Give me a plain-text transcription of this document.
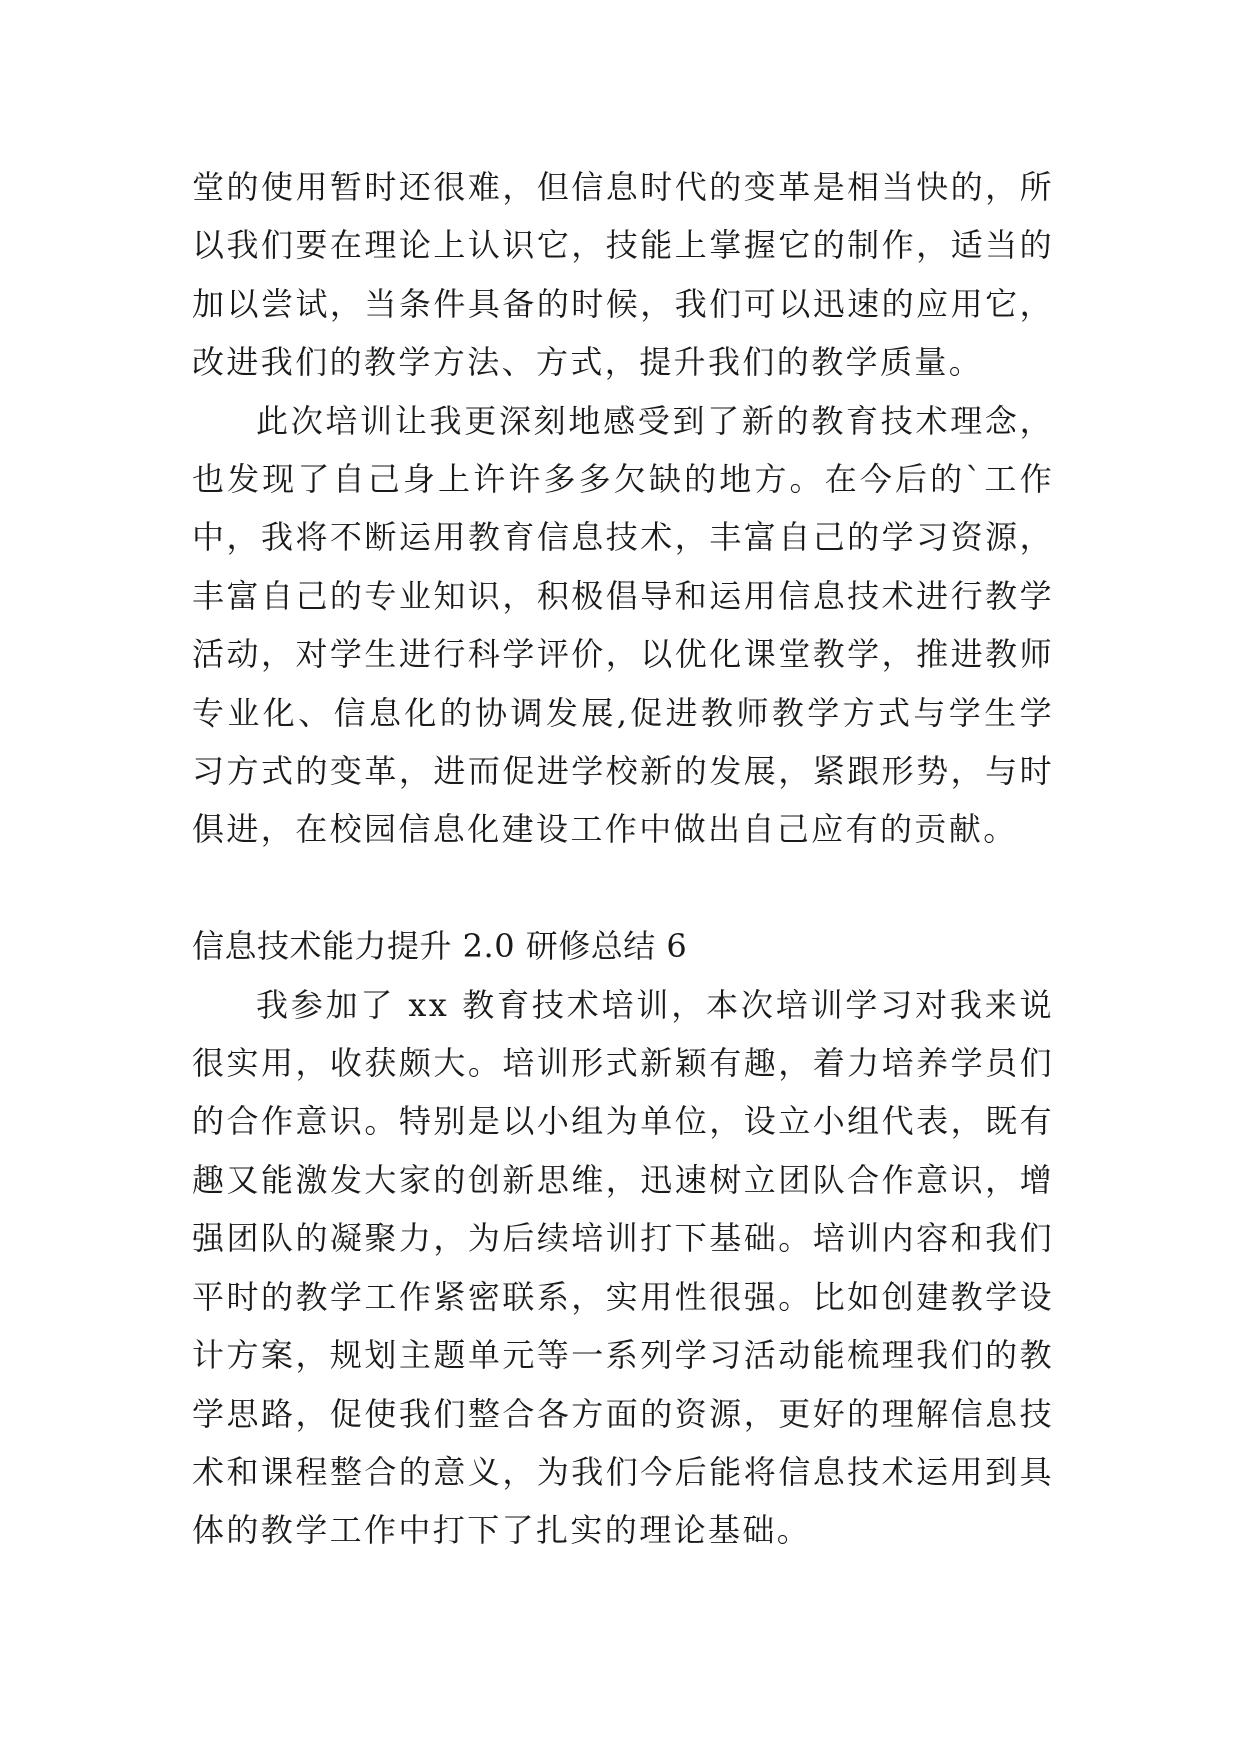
堂的使用暂时还很难，但信息时代的变革是相当快的，所以我们要在理论上认识它，技能上掌握它的制作，适当的加以尝试，当条件具备的时候，我们可以迅速的应用它，改进我们的教学方法、方式，提升我们的教学质量。

此次培训让我更深刻地感受到了新的教育技术理念，也发现了自己身上许许多多欠缺的地方。在今后的`工作中，我将不断运用教育信息技术，丰富自己的学习资源，丰富自己的专业知识，积极倡导和运用信息技术进行教学活动，对学生进行科学评价，以优化课堂教学，推进教师专业化、信息化的协调发展,促进教师教学方式与学生学习方式的变革，进而促进学校新的发展，紧跟形势，与时俱进，在校园信息化建设工作中做出自己应有的贡献。

信息技术能力提升 2.0 研修总结 6

我参加了 xx 教育技术培训，本次培训学习对我来说很实用，收获颇大。培训形式新颖有趣，着力培养学员们的合作意识。特别是以小组为单位，设立小组代表，既有趣又能激发大家的创新思维，迅速树立团队合作意识，增强团队的凝聚力，为后续培训打下基础。培训内容和我们平时的教学工作紧密联系，实用性很强。比如创建教学设计方案，规划主题单元等一系列学习活动能梳理我们的教学思路，促使我们整合各方面的资源，更好的理解信息技术和课程整合的意义，为我们今后能将信息技术运用到具体的教学工作中打下了扎实的理论基础。
